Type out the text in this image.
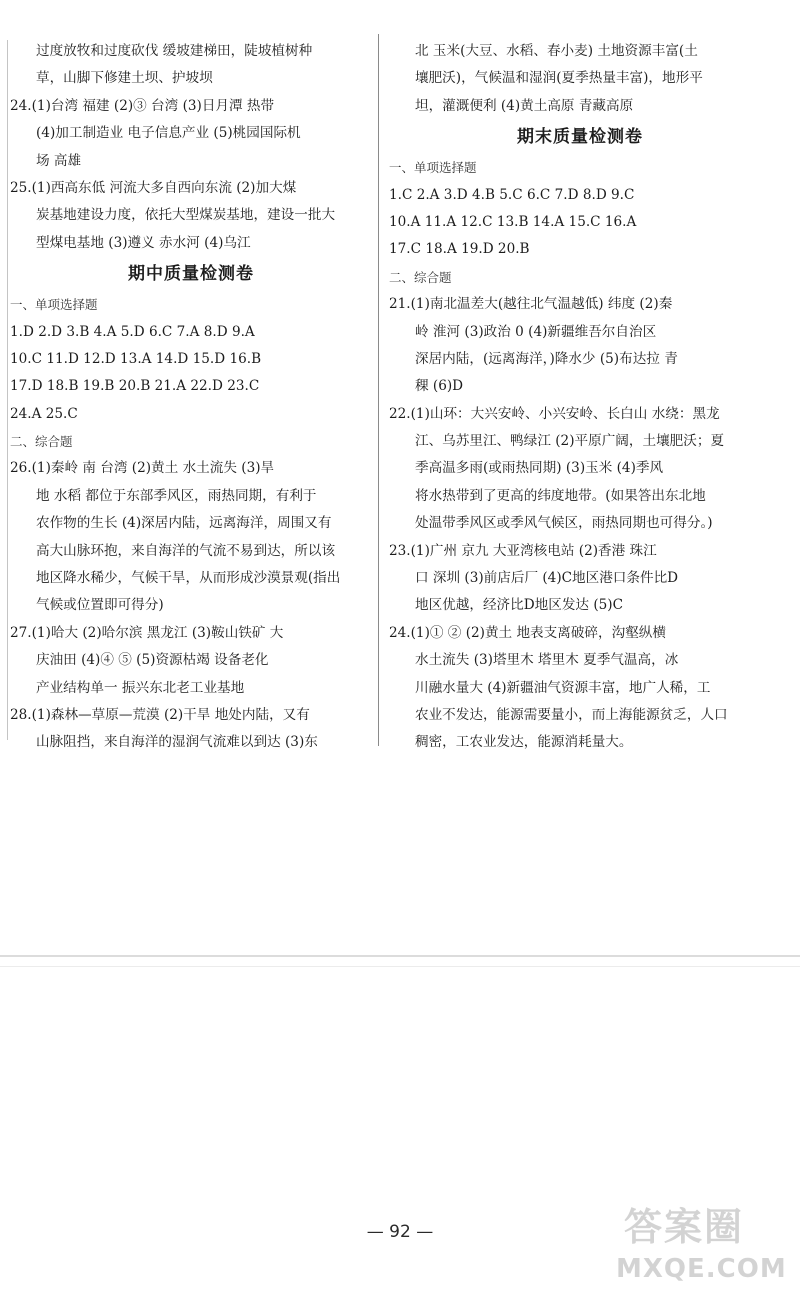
过度放牧和过度砍伐 缓坡建梯田，陡坡植树种
草，山脚下修建土坝、护坡坝
24.(1)台湾 福建 (2)③ 台湾 (3)日月潭 热带
(4)加工制造业 电子信息产业 (5)桃园国际机
场 高雄
25.(1)西高东低 河流大多自西向东流 (2)加大煤
炭基地建设力度，依托大型煤炭基地，建设一批大
型煤电基地 (3)遵义 赤水河 (4)乌江
期中质量检测卷
一、单项选择题
1.D 2.D 3.B 4.A 5.D 6.C 7.A 8.D 9.A
10.C 11.D 12.D 13.A 14.D 15.D 16.B
17.D 18.B 19.B 20.B 21.A 22.D 23.C
24.A 25.C
二、综合题
26.(1)秦岭 南 台湾 (2)黄土 水土流失 (3)旱
地 水稻 都位于东部季风区，雨热同期，有利于
农作物的生长 (4)深居内陆，远离海洋，周围又有
高大山脉环抱，来自海洋的气流不易到达，所以该
地区降水稀少，气候干旱，从而形成沙漠景观(指出
气候或位置即可得分)
27.(1)哈大 (2)哈尔滨 黑龙江 (3)鞍山铁矿 大
庆油田 (4)④ ⑤ (5)资源枯竭 设备老化
产业结构单一 振兴东北老工业基地
28.(1)森林—草原—荒漠 (2)干旱 地处内陆，又有
山脉阻挡，来自海洋的湿润气流难以到达 (3)东
北 玉米(大豆、水稻、春小麦) 土地资源丰富(土
壤肥沃)，气候温和湿润(夏季热量丰富)，地形平
坦，灌溉便利 (4)黄土高原 青藏高原
期末质量检测卷
一、单项选择题
1.C 2.A 3.D 4.B 5.C 6.C 7.D 8.D 9.C
10.A 11.A 12.C 13.B 14.A 15.C 16.A
17.C 18.A 19.D 20.B
二、综合题
21.(1)南北温差大(越往北气温越低) 纬度 (2)秦
岭 淮河 (3)政治 0 (4)新疆维吾尔自治区
深居内陆，(远离海洋，)降水少 (5)布达拉 青
稞 (6)D
22.(1)山环：大兴安岭、小兴安岭、长白山 水绕：黑龙
江、乌苏里江、鸭绿江 (2)平原广阔，土壤肥沃；夏
季高温多雨(或雨热同期) (3)玉米 (4)季风
将水热带到了更高的纬度地带。(如果答出东北地
处温带季风区或季风气候区，雨热同期也可得分。)
23.(1)广州 京九 大亚湾核电站 (2)香港 珠江
口 深圳 (3)前店后厂 (4)C地区港口条件比D
地区优越，经济比D地区发达 (5)C
24.(1)① ② (2)黄土 地表支离破碎，沟壑纵横
水土流失 (3)塔里木 塔里木 夏季气温高，冰
川融水量大 (4)新疆油气资源丰富，地广人稀，工
农业不发达，能源需要量小，而上海能源贫乏，人口
稠密，工农业发达，能源消耗量大。
— 92 —	答案圈
MXQE.COM
